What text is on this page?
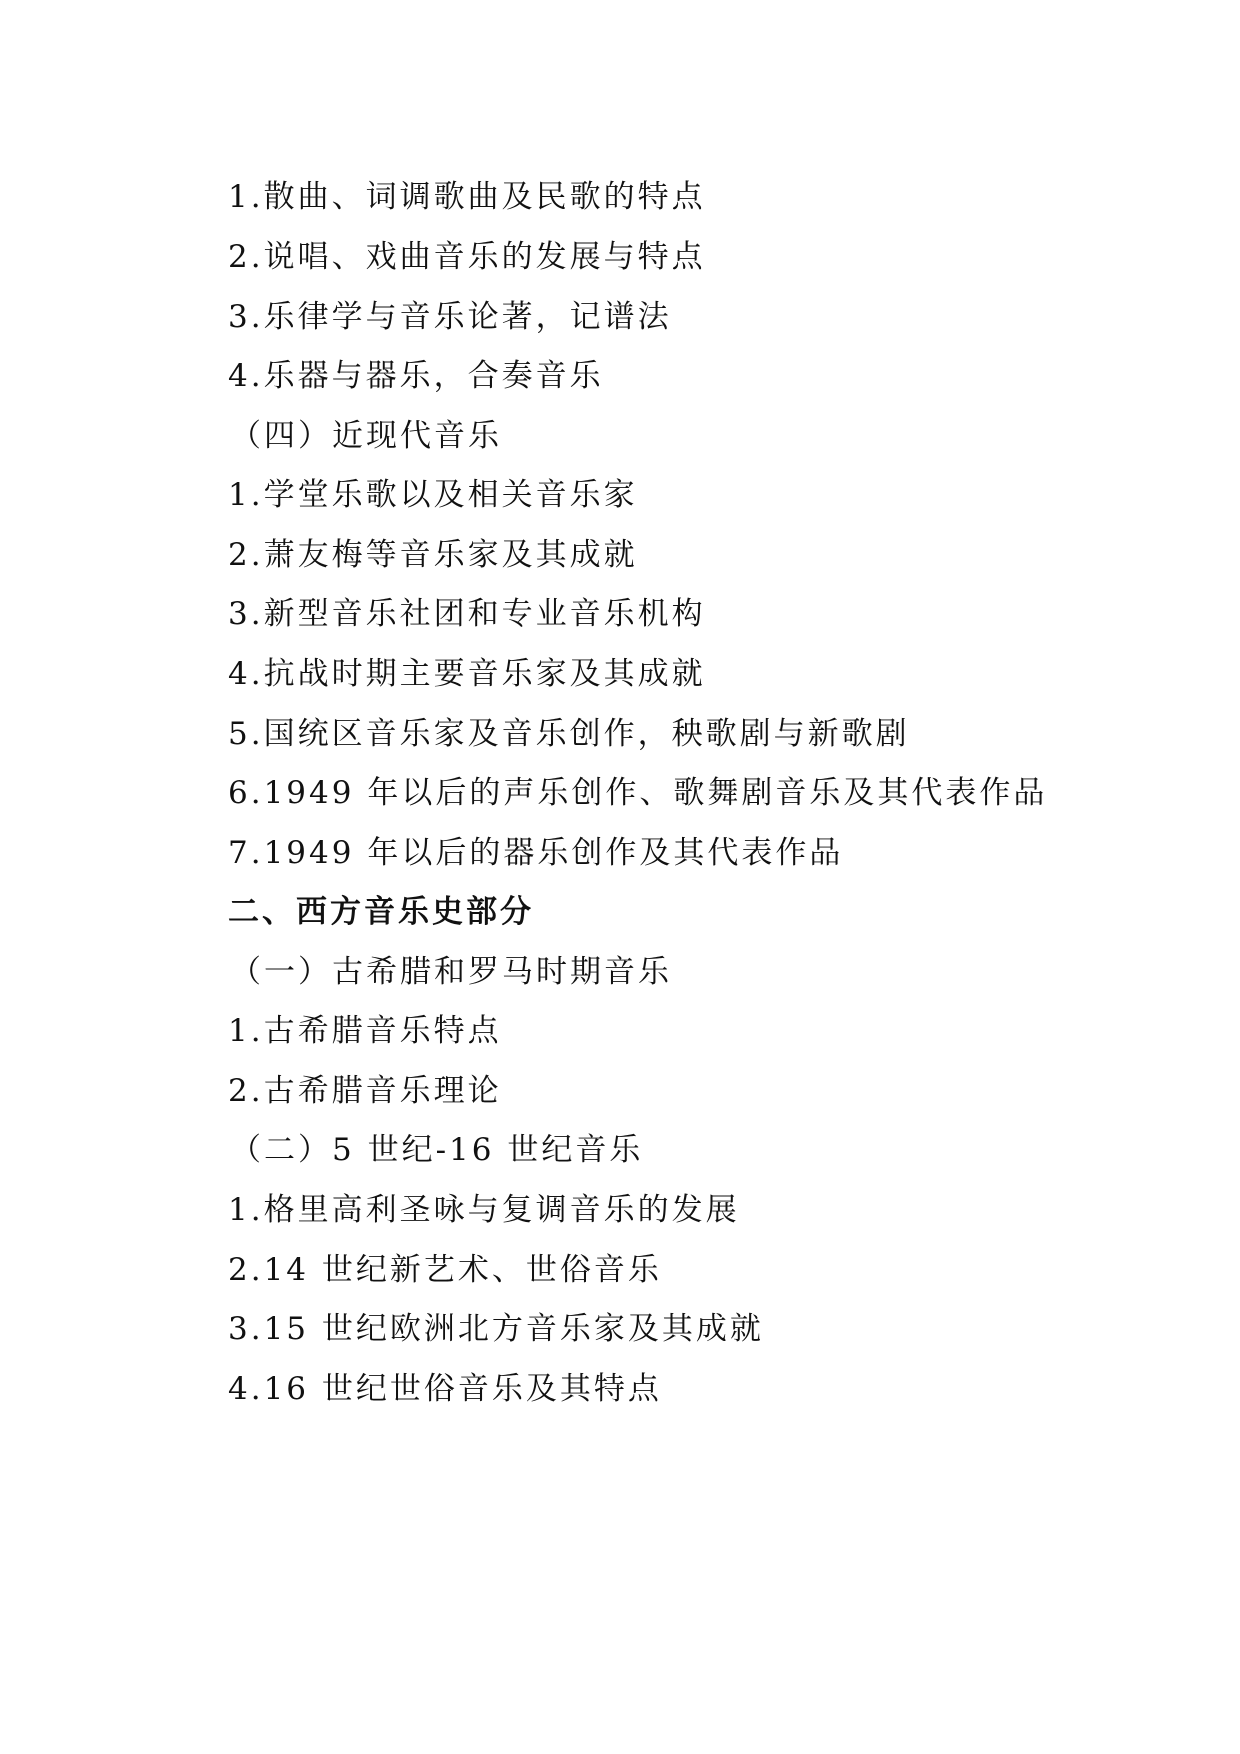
1.散曲、词调歌曲及民歌的特点
2.说唱、戏曲音乐的发展与特点
3.乐律学与音乐论著，记谱法
4.乐器与器乐，合奏音乐
（四）近现代音乐
1.学堂乐歌以及相关音乐家
2.萧友梅等音乐家及其成就
3.新型音乐社团和专业音乐机构
4.抗战时期主要音乐家及其成就
5.国统区音乐家及音乐创作，秧歌剧与新歌剧
6.1949 年以后的声乐创作、歌舞剧音乐及其代表作品
7.1949 年以后的器乐创作及其代表作品
二、西方音乐史部分
（一）古希腊和罗马时期音乐
1.古希腊音乐特点
2.古希腊音乐理论
（二）5 世纪-16 世纪音乐
1.格里高利圣咏与复调音乐的发展
2.14 世纪新艺术、世俗音乐
3.15 世纪欧洲北方音乐家及其成就
4.16 世纪世俗音乐及其特点
